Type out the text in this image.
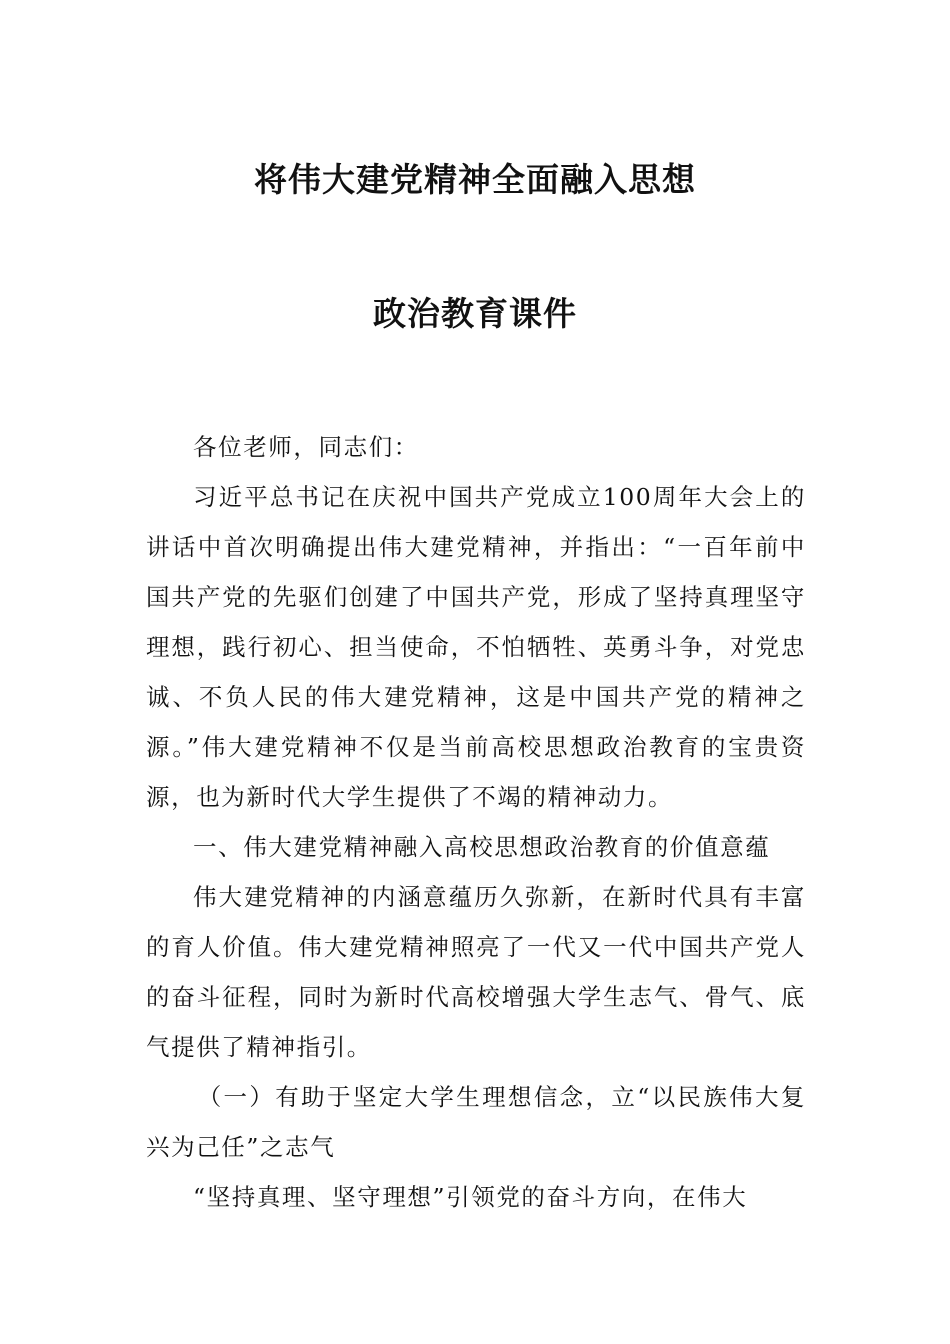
将伟大建党精神全面融入思想
政治教育课件

各位老师，同志们：

习近平总书记在庆祝中国共产党成立100周年大会上的讲话中首次明确提出伟大建党精神，并指出：“一百年前中国共产党的先驱们创建了中国共产党，形成了坚持真理坚守理想，践行初心、担当使命，不怕牺牲、英勇斗争，对党忠诚、不负人民的伟大建党精神，这是中国共产党的精神之源。”伟大建党精神不仅是当前高校思想政治教育的宝贵资源，也为新时代大学生提供了不竭的精神动力。

一、伟大建党精神融入高校思想政治教育的价值意蕴

伟大建党精神的内涵意蕴历久弥新，在新时代具有丰富的育人价值。伟大建党精神照亮了一代又一代中国共产党人的奋斗征程，同时为新时代高校增强大学生志气、骨气、底气提供了精神指引。

（一）有助于坚定大学生理想信念，立“以民族伟大复兴为己任”之志气

“坚持真理、坚守理想”引领党的奋斗方向，在伟大
